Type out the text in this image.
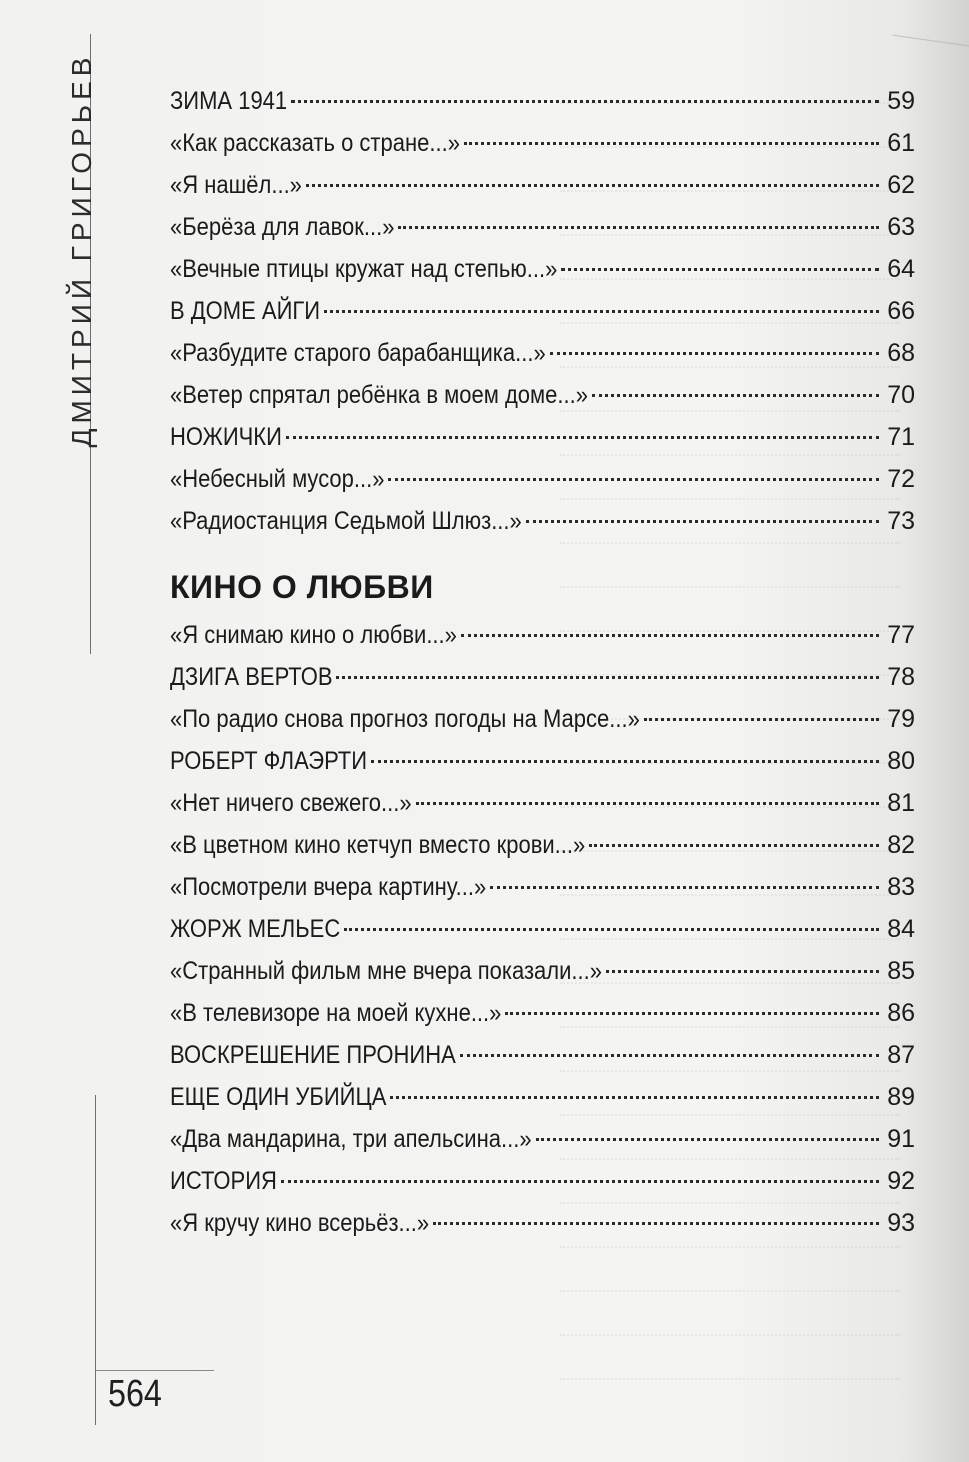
ДМИТРИЙ ГРИГОРЬЕВ	ЗИМА 1941	59
«Как рассказать о стране...»	61
«Я нашёл...»	62
«Берёза для лавок...»	63
«Вечные птицы кружат над степью...»	64
В ДОМЕ АЙГИ	66
«Разбудите старого барабанщика...»	68
«Ветер спрятал ребёнка в моем доме...»	70
НОЖИЧКИ	71
«Небесный мусор...»	72
«Радиостанция Седьмой Шлюз...»	73
КИНО О ЛЮБВИ
«Я снимаю кино о любви...»	77
ДЗИГА ВЕРТОВ	78
«По радио снова прогноз погоды на Марсе...»	79
РОБЕРТ ФЛАЭРТИ	80
«Нет ничего свежего...»	81
«В цветном кино кетчуп вместо крови...»	82
«Посмотрели вчера картину...»	83
ЖОРЖ МЕЛЬЕС	84
«Странный фильм мне вчера показали...»	85
«В телевизоре на моей кухне...»	86
ВОСКРЕШЕНИЕ ПРОНИНА	87
ЕЩЕ ОДИН УБИЙЦА	89
«Два мандарина, три апельсина...»	91
ИСТОРИЯ	92
«Я кручу кино всерьёз...»	93
564
